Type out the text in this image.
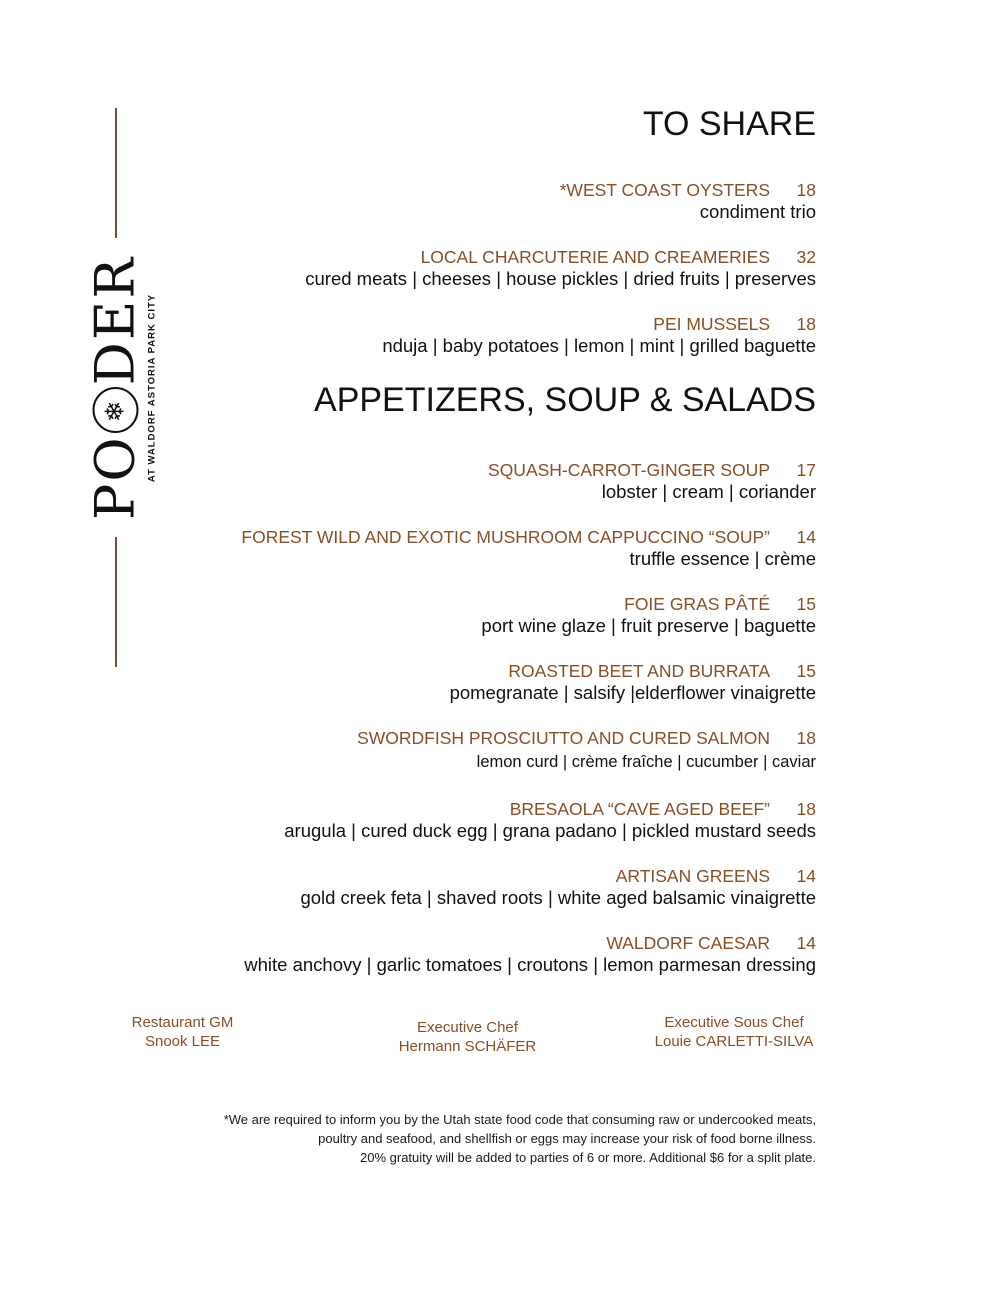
PO
❄
DER AT WALDORF ASTORIA PARK CITY
TO SHARE
*WEST COAST OYSTERS 18
condiment trio
LOCAL CHARCUTERIE AND CREAMERIES 32
cured meats | cheeses | house pickles | dried fruits | preserves
PEI MUSSELS 18
nduja | baby potatoes | lemon | mint | grilled baguette
APPETIZERS, SOUP & SALADS
SQUASH-CARROT-GINGER SOUP 17
lobster | cream | coriander
FOREST WILD AND EXOTIC MUSHROOM CAPPUCCINO “SOUP” 14
truffle essence | crème
FOIE GRAS PÂTÉ 15
port wine glaze | fruit preserve | baguette
ROASTED BEET AND BURRATA 15
pomegranate | salsify |elderflower vinaigrette
SWORDFISH PROSCIUTTO AND CURED SALMON 18
lemon curd | crème fraîche | cucumber | caviar
BRESAOLA “CAVE AGED BEEF” 18
arugula | cured duck egg | grana padano | pickled mustard seeds
ARTISAN GREENS 14
gold creek feta | shaved roots | white aged balsamic vinaigrette
WALDORF CAESAR 14
white anchovy | garlic tomatoes | croutons | lemon parmesan dressing
Restaurant GM
Snook LEE
Executive Chef
Hermann SCHÄFER
Executive Sous Chef
Louie CARLETTI-SILVA
*We are required to inform you by the Utah state food code that consuming raw or undercooked meats,
poultry and seafood, and shellfish or eggs may increase your risk of food borne illness.
20% gratuity will be added to parties of 6 or more. Additional $6 for a split plate.
